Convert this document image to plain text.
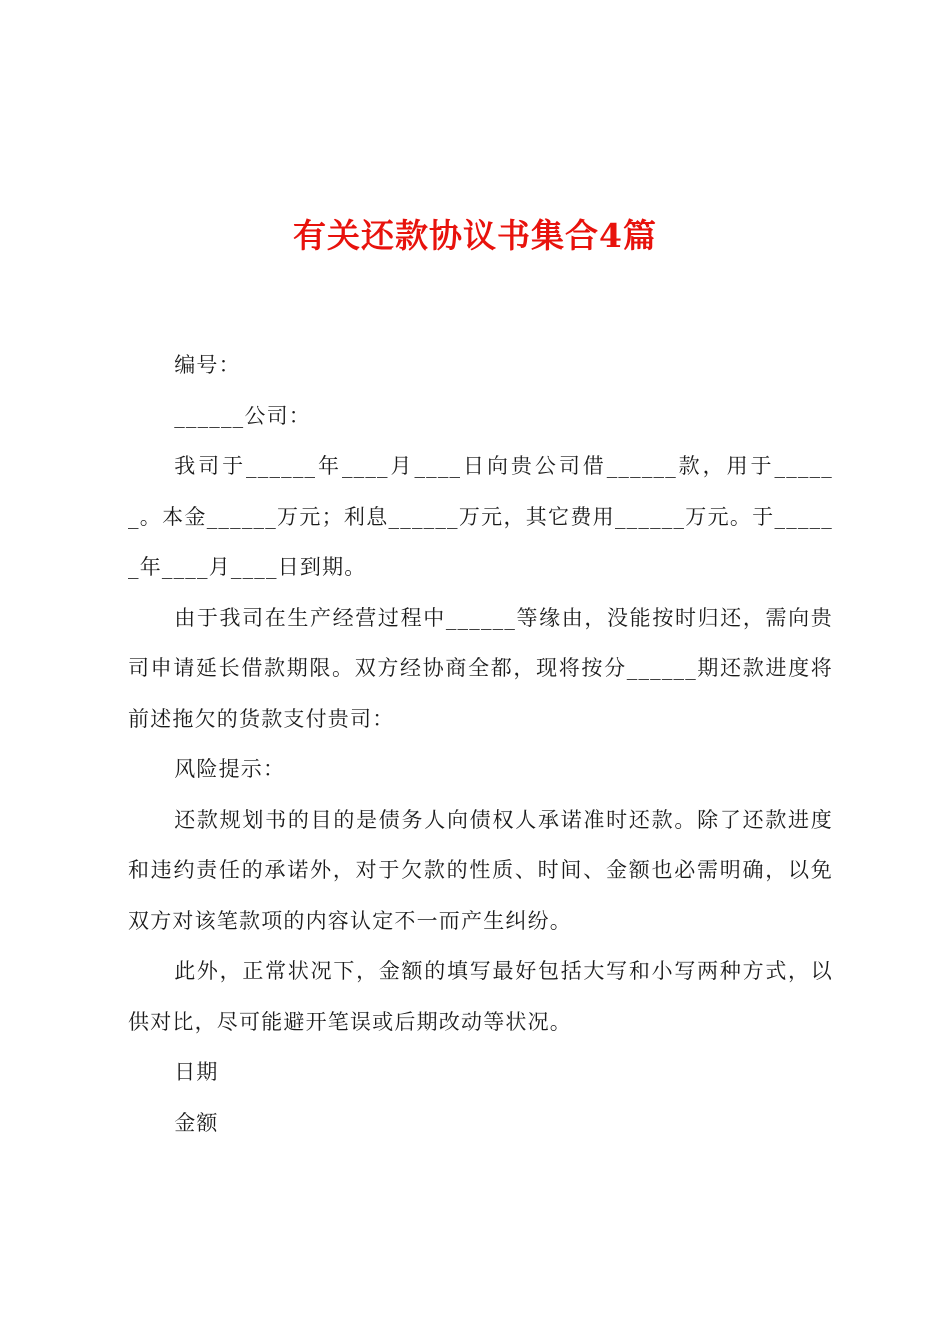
有关还款协议书集合4篇

编号：

______公司：

我司于______年____月____日向贵公司借______款，用于______。本金______万元；利息______万元，其它费用______万元。于______年____月____日到期。

由于我司在生产经营过程中______等缘由，没能按时归还，需向贵司申请延长借款期限。双方经协商全都，现将按分______期还款进度将前述拖欠的货款支付贵司：

风险提示：

还款规划书的目的是债务人向债权人承诺准时还款。除了还款进度和违约责任的承诺外，对于欠款的性质、时间、金额也必需明确，以免双方对该笔款项的内容认定不一而产生纠纷。

此外，正常状况下，金额的填写最好包括大写和小写两种方式，以供对比，尽可能避开笔误或后期改动等状况。

日期

金额
